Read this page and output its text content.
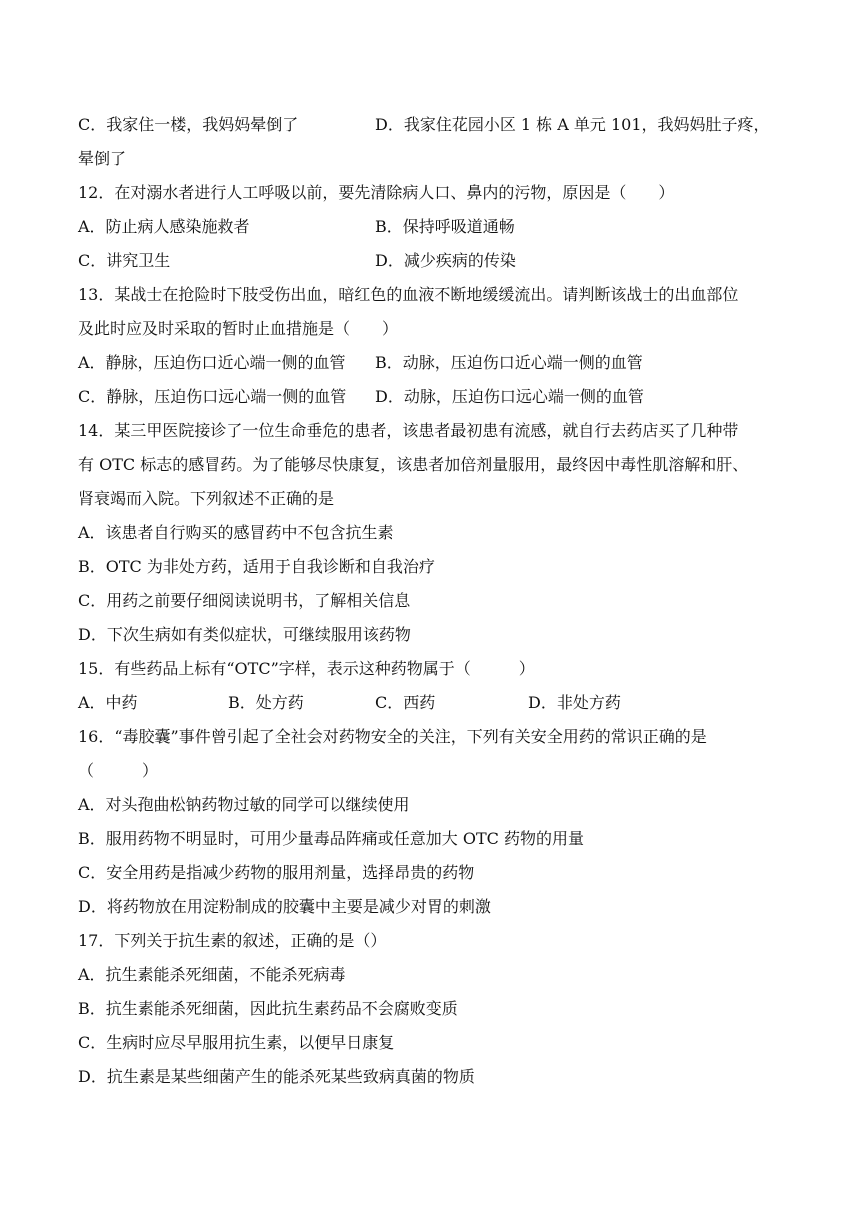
C．我家住一楼，我妈妈晕倒了	D．我家住花园小区 1 栋 A 单元 101，我妈妈肚子疼，
晕倒了
12．在对溺水者进行人工呼吸以前，要先清除病人口、鼻内的污物，原因是（　　）
A．防止病人感染施救者	B．保持呼吸道通畅
C．讲究卫生	D．减少疾病的传染
13．某战士在抢险时下肢受伤出血，暗红色的血液不断地缓缓流出。请判断该战士的出血部位
及此时应及时采取的暂时止血措施是（　　）
A．静脉，压迫伤口近心端一侧的血管 B．动脉，压迫伤口近心端一侧的血管
C．静脉，压迫伤口远心端一侧的血管 D．动脉，压迫伤口远心端一侧的血管
14．某三甲医院接诊了一位生命垂危的患者，该患者最初患有流感，就自行去药店买了几种带
有 OTC 标志的感冒药。为了能够尽快康复，该患者加倍剂量服用，最终因中毒性肌溶解和肝、
肾衰竭而入院。下列叙述不正确的是
A．该患者自行购买的感冒药中不包含抗生素
B．OTC 为非处方药，适用于自我诊断和自我治疗
C．用药之前要仔细阅读说明书，了解相关信息
D．下次生病如有类似症状，可继续服用该药物
15．有些药品上标有“OTC”字样，表示这种药物属于（　　　）
A．中药	B．处方药	C．西药	D．非处方药
16．“毒胶囊”事件曾引起了全社会对药物安全的关注，下列有关安全用药的常识正确的是
（　　　）
A．对头孢曲松钠药物过敏的同学可以继续使用
B．服用药物不明显时，可用少量毒品阵痛或任意加大 OTC 药物的用量
C．安全用药是指减少药物的服用剂量，选择昂贵的药物
D．将药物放在用淀粉制成的胶囊中主要是减少对胃的刺激
17．下列关于抗生素的叙述，正确的是（）
A．抗生素能杀死细菌，不能杀死病毒
B．抗生素能杀死细菌，因此抗生素药品不会腐败变质
C．生病时应尽早服用抗生素，以便早日康复
D．抗生素是某些细菌产生的能杀死某些致病真菌的物质
